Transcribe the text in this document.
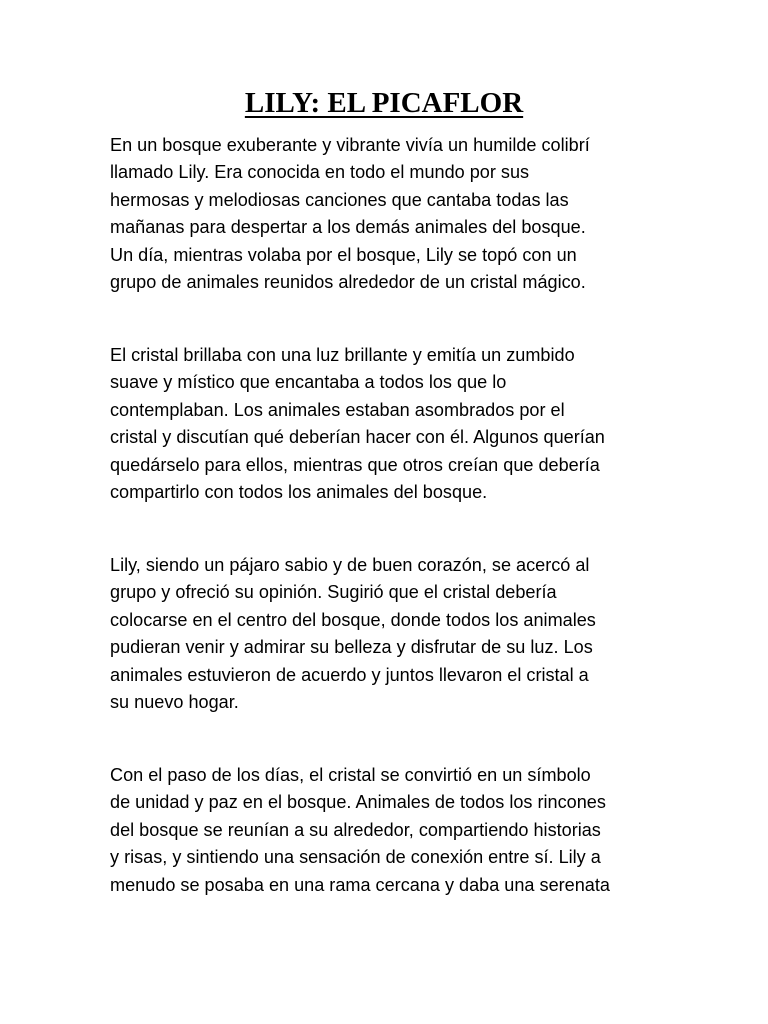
LILY: EL PICAFLOR
En un bosque exuberante y vibrante vivía un humilde colibrí
llamado Lily. Era conocida en todo el mundo por sus
hermosas y melodiosas canciones que cantaba todas las
mañanas para despertar a los demás animales del bosque.
Un día, mientras volaba por el bosque, Lily se topó con un
grupo de animales reunidos alrededor de un cristal mágico.
El cristal brillaba con una luz brillante y emitía un zumbido
suave y místico que encantaba a todos los que lo
contemplaban. Los animales estaban asombrados por el
cristal y discutían qué deberían hacer con él. Algunos querían
quedárselo para ellos, mientras que otros creían que debería
compartirlo con todos los animales del bosque.
Lily, siendo un pájaro sabio y de buen corazón, se acercó al
grupo y ofreció su opinión. Sugirió que el cristal debería
colocarse en el centro del bosque, donde todos los animales
pudieran venir y admirar su belleza y disfrutar de su luz. Los
animales estuvieron de acuerdo y juntos llevaron el cristal a
su nuevo hogar.
Con el paso de los días, el cristal se convirtió en un símbolo
de unidad y paz en el bosque. Animales de todos los rincones
del bosque se reunían a su alrededor, compartiendo historias
y risas, y sintiendo una sensación de conexión entre sí. Lily a
menudo se posaba en una rama cercana y daba una serenata
